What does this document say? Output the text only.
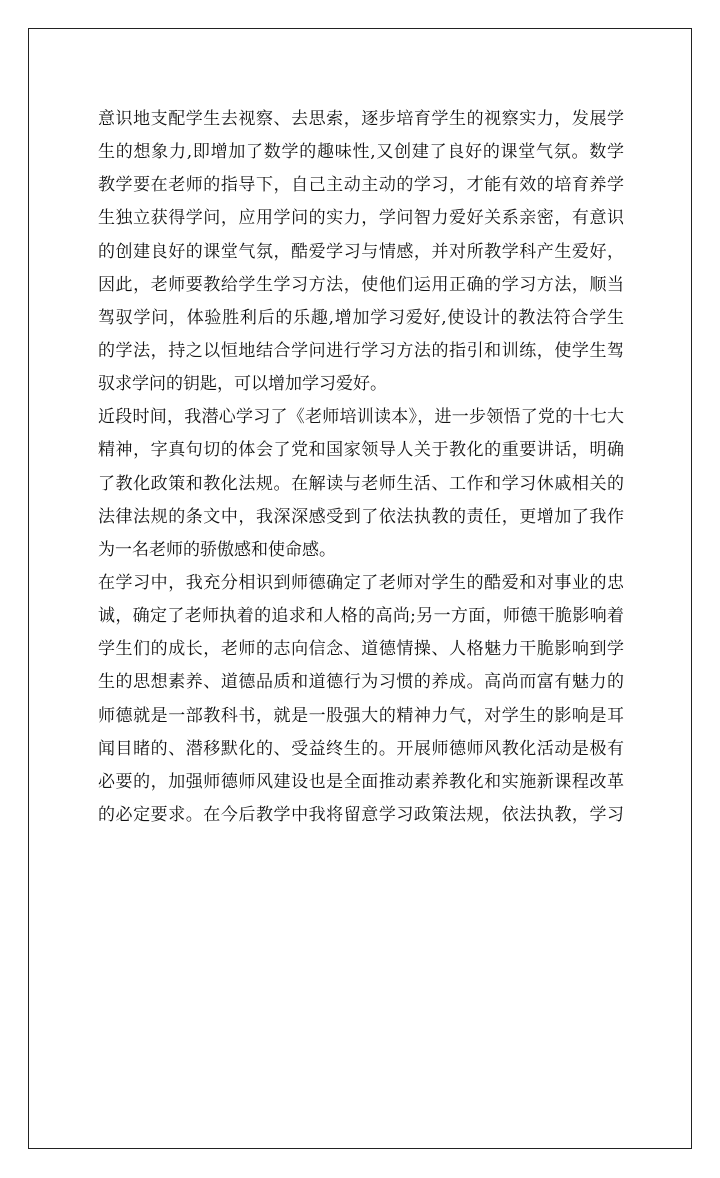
意识地支配学生去视察、去思索，逐步培育学生的视察实力，发展学
生的想象力,即增加了数学的趣味性,又创建了良好的课堂气氛。数学
教学要在老师的指导下，自己主动主动的学习，才能有效的培育养学
生独立获得学问，应用学问的实力，学问智力爱好关系亲密，有意识
的创建良好的课堂气氛，酷爱学习与情感，并对所教学科产生爱好，
因此，老师要教给学生学习方法，使他们运用正确的学习方法，顺当
驾驭学问，体验胜利后的乐趣,增加学习爱好,使设计的教法符合学生
的学法，持之以恒地结合学问进行学习方法的指引和训练，使学生驾
驭求学问的钥匙，可以增加学习爱好。
近段时间，我潜心学习了《老师培训读本》，进一步领悟了党的十七大
精神，字真句切的体会了党和国家领导人关于教化的重要讲话，明确
了教化政策和教化法规。在解读与老师生活、工作和学习休戚相关的
法律法规的条文中，我深深感受到了依法执教的责任，更增加了我作
为一名老师的骄傲感和使命感。
在学习中，我充分相识到师德确定了老师对学生的酷爱和对事业的忠
诚，确定了老师执着的追求和人格的高尚;另一方面，师德干脆影响着
学生们的成长，老师的志向信念、道德情操、人格魅力干脆影响到学
生的思想素养、道德品质和道德行为习惯的养成。高尚而富有魅力的
师德就是一部教科书，就是一股强大的精神力气，对学生的影响是耳
闻目睹的、潜移默化的、受益终生的。开展师德师风教化活动是极有
必要的，加强师德师风建设也是全面推动素养教化和实施新课程改革
的必定要求。在今后教学中我将留意学习政策法规，依法执教，学习
